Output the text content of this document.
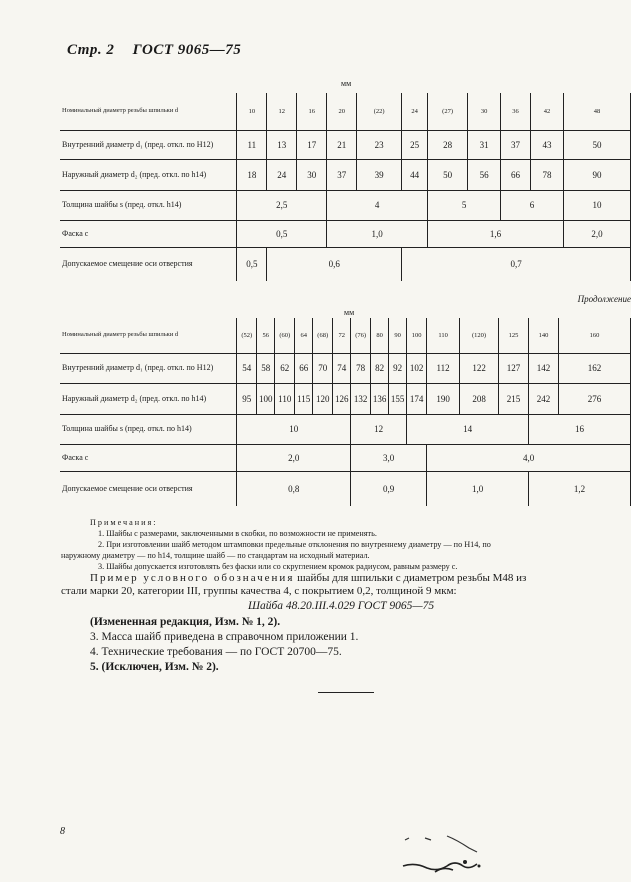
Стр. 2 ГОСТ 9065—75
мм
Номинальный диаметр резьбы шпильки d	10	12	16	20	(22)	24	(27)	30	36	42	48
Внутренний диаметр d₁ (пред. откл. по H12)	11	13	17	21	23	25	28	31	37	43	50
Наружный диаметр d₂ (пред. откл. по h14)	18	24	30	37	39	44	50	56	66	78	90
Толщина шайбы s (пред. откл. h14)	2,5			4			5		6		10
Фаска c	0,5			1,0			1,6				2,0
Допускаемое смещение оси отверстия	0,5	0,6				0,7					
Продолжение
мм
Номинальный диаметр резьбы шпильки d	(52)	56	(60)	64	(68)	72	(76)	80	90	100	110	(120)	125	140	160
Внутренний диаметр d₁ (пред. откл. по H12)	54	58	62	66	70	74	78	82	92	102	112	122	127	142	162
Наружный диаметр d₂ (пред. откл. по h14)	95	100	110	115	120	126	132	136	155	174	190	208	215	242	276
Толщина шайбы s (пред. откл. по h14)	10						12			14				16	
Фаска c	2,0						3,0				4,0				
Допускаемое смещение оси отверстия	0,8						0,9				1,0			1,2	
Примечания:
1. Шайбы с размерами, заключенными в скобки, по возможности не применять.
2. При изготовлении шайб методом штамповки предельные отклонения по внутреннему диаметру — по H14, по
наружному диаметру — по h14, толщине шайб — по стандартам на исходный материал.
3. Шайбы допускается изготовлять без фаски или со скруглением кромок радиусом, равным размеру c.
Пример условного обозначения шайбы для шпильки с диаметром резьбы M48 из
стали марки 20, категории III, группы качества 4, с покрытием 0,2, толщиной 9 мкм:
Шайба 48.20.III.4.029 ГОСТ 9065—75
(Измененная редакция, Изм. № 1, 2).
3. Масса шайб приведена в справочном приложении 1.
4. Технические требования — по ГОСТ 20700—75.
5. (Исключен, Изм. № 2).
8
